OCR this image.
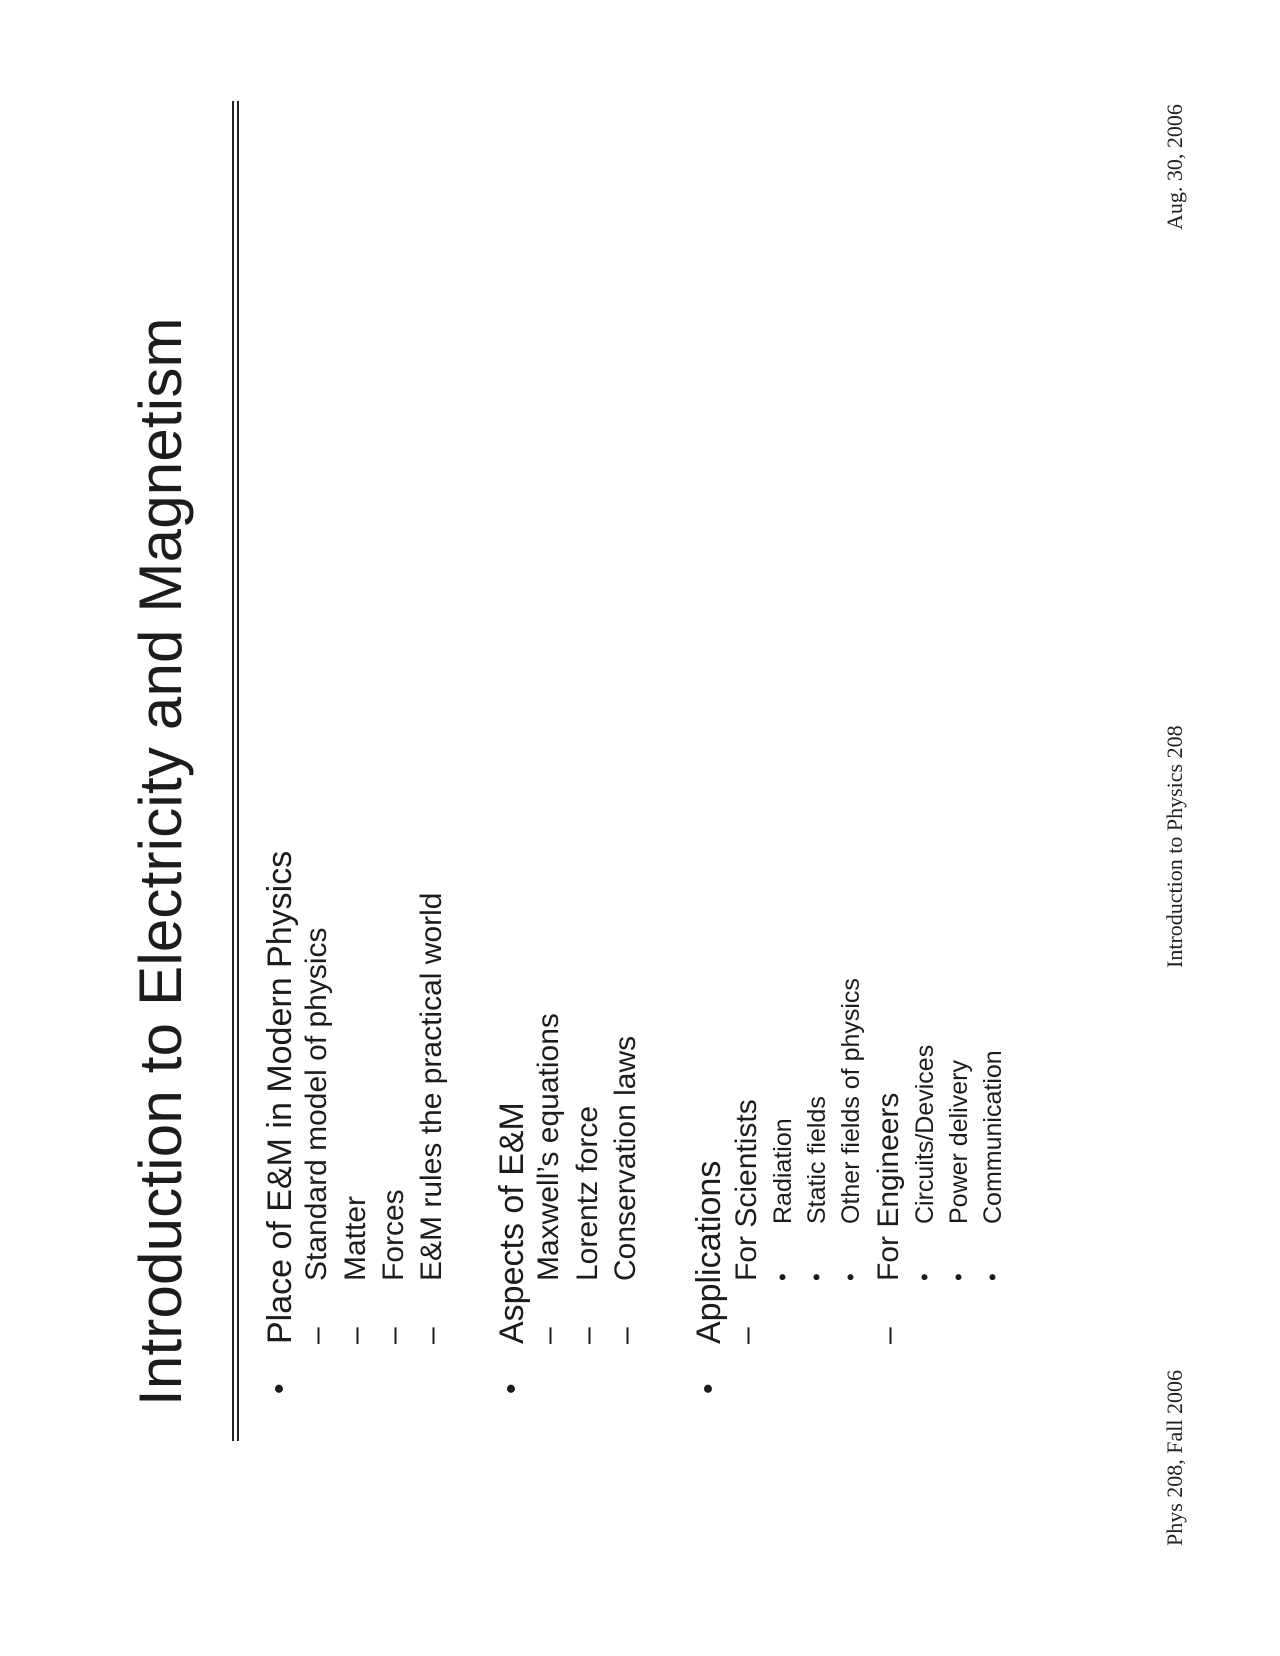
Introduction to Electricity and Magnetism •
Place of E&M in Modern Physics –
Standard model of physics
–
Matter
–
Forces
–
E&M rules the practical world
•
Aspects of E&M –
Maxwell’s equations
–
Lorentz force
–
Conservation laws
•
Applications –
For Scientists •
Radiation
•
Static fields
•
Other fields of physics
–
For Engineers •
Circuits/Devices
•
Power delivery
•
Communication
Phys 208, Fall 2006
Introduction to Physics 208
Aug. 30, 2006
